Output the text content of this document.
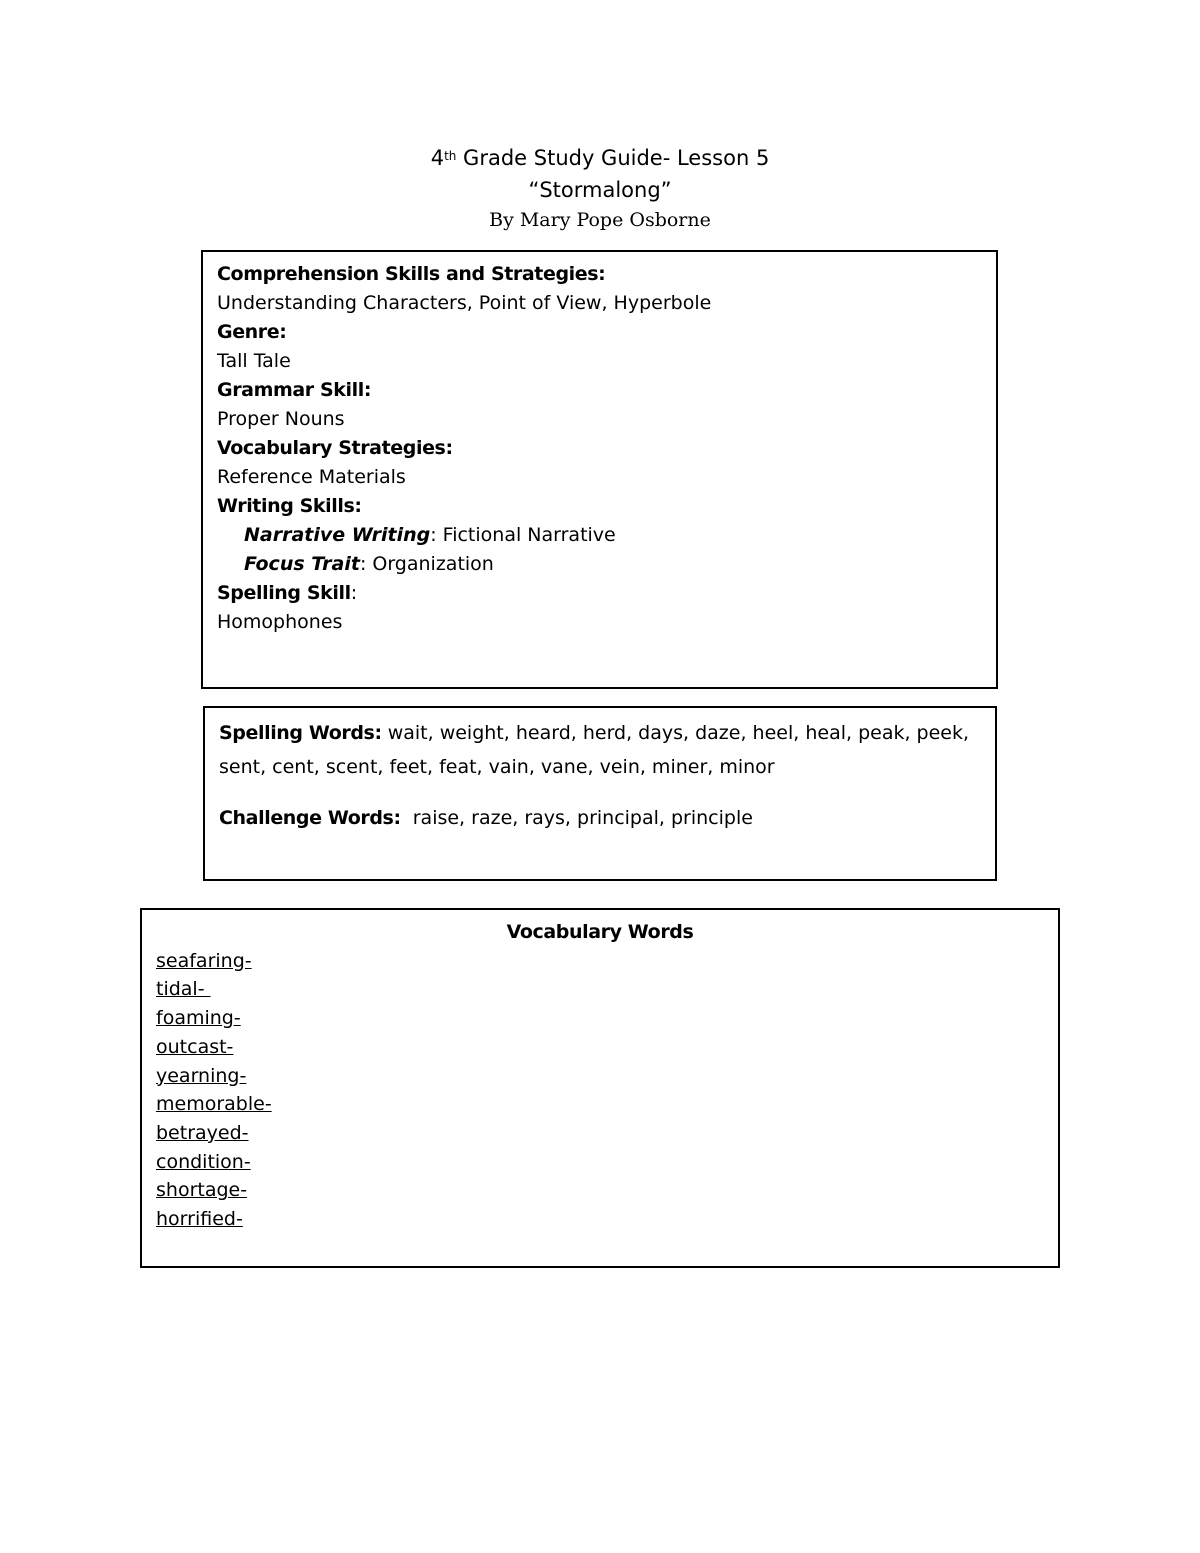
4th Grade Study Guide- Lesson 5
“Stormalong”
By Mary Pope Osborne
Comprehension Skills and Strategies:
Understanding Characters, Point of View, Hyperbole
Genre:
Tall Tale
Grammar Skill:
Proper Nouns
Vocabulary Strategies:
Reference Materials
Writing Skills:
Narrative Writing: Fictional Narrative
Focus Trait: Organization
Spelling Skill:
Homophones
Spelling Words: wait, weight, heard, herd, days, daze, heel, heal, peak, peek,
sent, cent, scent, feet, feat, vain, vane, vein, miner, minor
Challenge Words:  raise, raze, rays, principal, principle
Vocabulary Words
seafaring-
tidal-
foaming-
outcast-
yearning-
memorable-
betrayed-
condition-
shortage-
horrified-
